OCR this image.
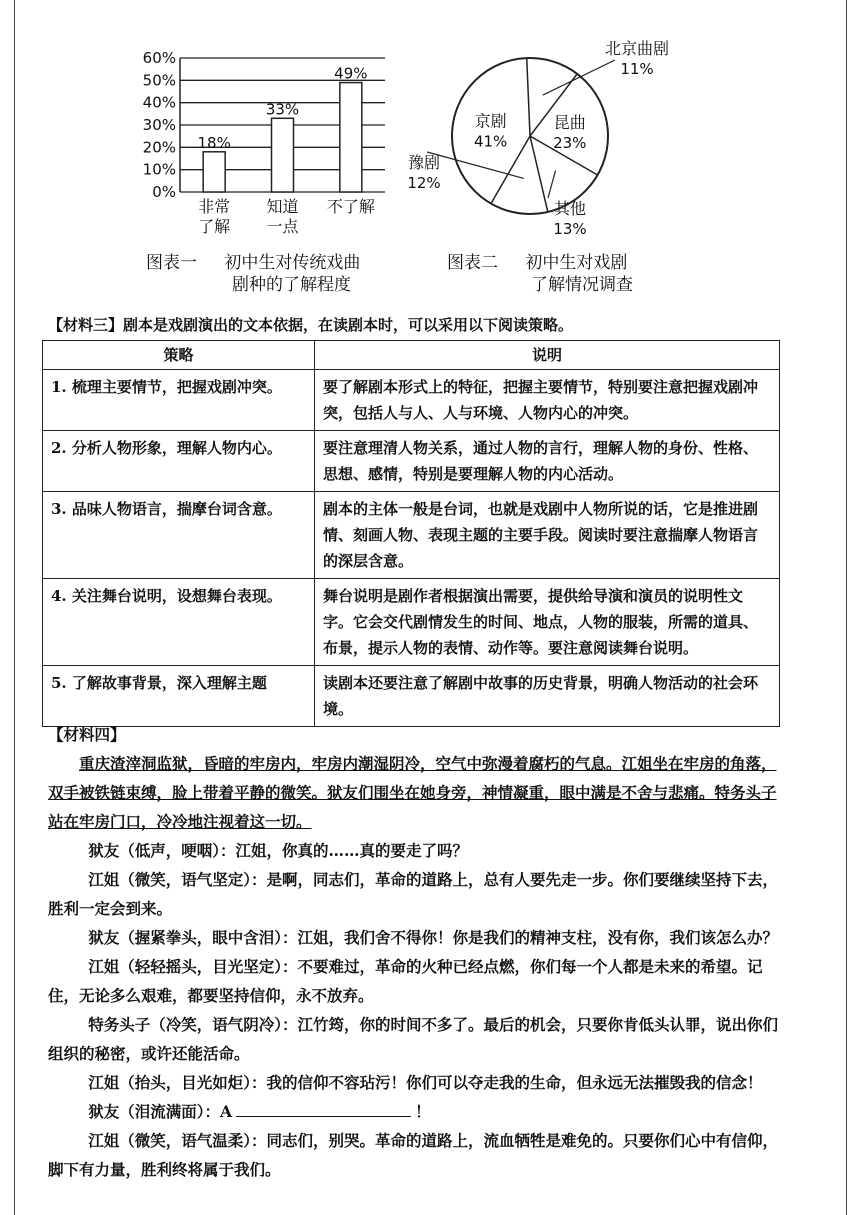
0%
10%
20%
30%
40%
50%
60%
18%
非常
了解
33%
知道
一点
49%
不了解
图表一 初中生对传统戏曲
剧种的了解程度
京剧
41%
北京曲剧
11%
昆曲
23%
其他
13%
豫剧
12%
图表二 初中生对戏剧
了解情况调查
【材料三】剧本是戏剧演出的文本依据，在读剧本时，可以采用以下阅读策略。
策略	说明
1. 梳理主要情节，把握戏剧冲突。	要了解剧本形式上的特征，把握主要情节，特别要注意把握戏剧冲突，包括人与人、人与环境、人物内心的冲突。
2. 分析人物形象，理解人物内心。	要注意理清人物关系，通过人物的言行，理解人物的身份、性格、思想、感情，特别是要理解人物的内心活动。
3. 品味人物语言，揣摩台词含意。	剧本的主体一般是台词，也就是戏剧中人物所说的话，它是推进剧情、刻画人物、表现主题的主要手段。阅读时要注意揣摩人物语言的深层含意。
4. 关注舞台说明，设想舞台表现。	舞台说明是剧作者根据演出需要，提供给导演和演员的说明性文字。它会交代剧情发生的时间、地点，人物的服装，所需的道具、布景，提示人物的表情、动作等。要注意阅读舞台说明。
5. 了解故事背景，深入理解主题	读剧本还要注意了解剧中故事的历史背景，明确人物活动的社会环境。

【材料四】

重庆渣滓洞监狱，昏暗的牢房内，牢房内潮湿阴冷，空气中弥漫着腐朽的气息。江姐坐在牢房的角落，双手被铁链束缚，脸上带着平静的微笑。狱友们围坐在她身旁，神情凝重，眼中满是不舍与悲痛。特务头子站在牢房门口，冷冷地注视着这一切。

狱友（低声，哽咽）：江姐，你真的……真的要走了吗？

江姐（微笑，语气坚定）：是啊，同志们，革命的道路上，总有人要先走一步。你们要继续坚持下去，胜利一定会到来。

狱友（握紧拳头，眼中含泪）：江姐，我们舍不得你！你是我们的精神支柱，没有你，我们该怎么办？

江姐（轻轻摇头，目光坚定）：不要难过，革命的火种已经点燃，你们每一个人都是未来的希望。记住，无论多么艰难，都要坚持信仰，永不放弃。

特务头子（冷笑，语气阴冷）：江竹筠，你的时间不多了。最后的机会，只要你肯低头认罪，说出你们组织的秘密，或许还能活命。

江姐（抬头，目光如炬）：我的信仰不容玷污！你们可以夺走我的生命，但永远无法摧毁我的信念！

狱友（泪流满面）：A	！

江姐（微笑，语气温柔）：同志们，别哭。革命的道路上，流血牺牲是难免的。只要你们心中有信仰，脚下有力量，胜利终将属于我们。
